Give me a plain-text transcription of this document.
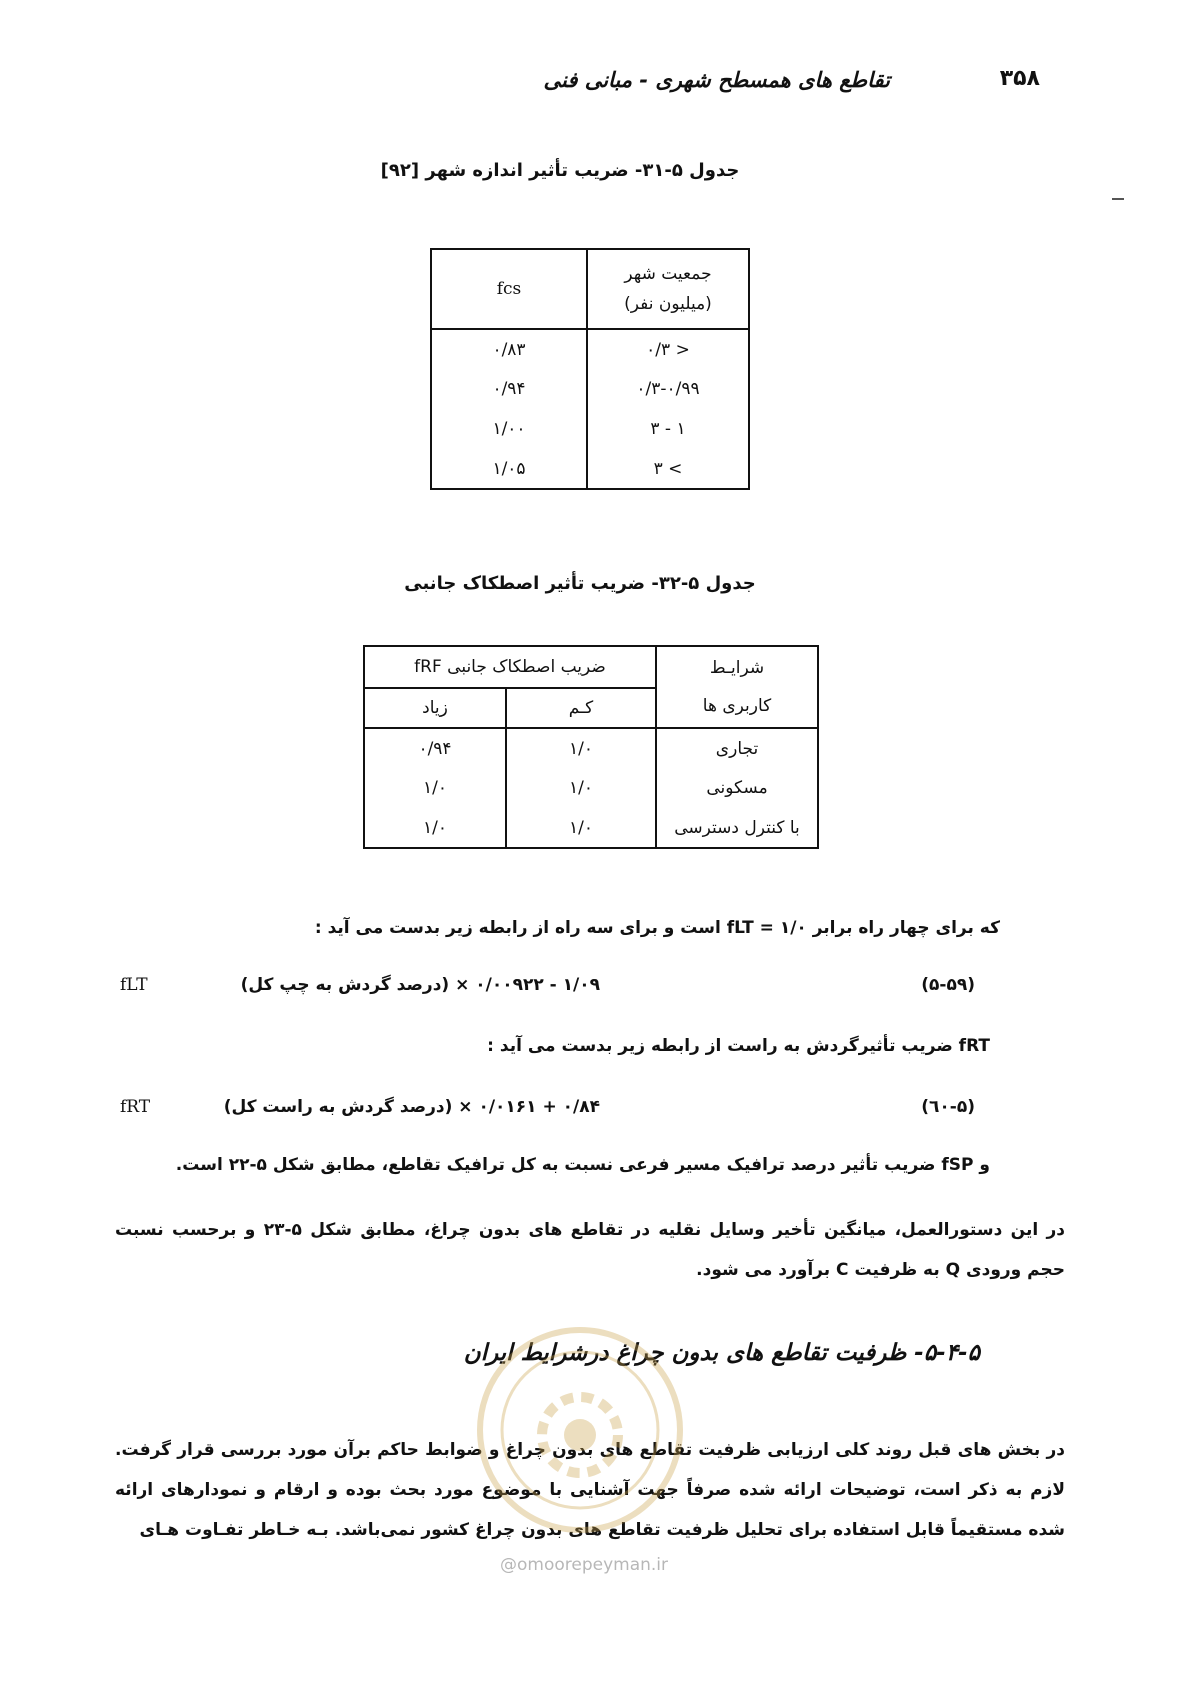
تقاطع های همسطح شهری - مبانی فنی	۳۵۸
جدول ۵-۳۱- ضریب تأثیر اندازه شهر [۹۲]
جمعیت شهر
(میلیون نفر)	fcs
< ۰/۳	۰/۸۳
۰/۳-۰/۹۹	۰/۹۴
۱ - ۳	۱/۰۰
> ۳	۱/۰۵
جدول ۵-۳۲- ضریب تأثیر اصطکاک جانبی
شرایـط
کاربری ها	ضریب اصطکاک جانبی fRF	
	کـم	زیاد
تجاری	۱/۰	۰/۹۴
مسکونی	۱/۰	۱/۰
با کنترل دسترسی	۱/۰	۱/۰
که برای چهار راه برابر fLT = ۱/۰ است و برای سه راه از رابطه زیر بدست می آید :
fLT	۱/۰۹ - ۰/۰۰۹۲۲ × (درصد گردش به چپ کل)	(۵-۵۹)
fRT ضریب تأثیرگردش به راست از رابطه زیر بدست می آید :
fRT	۰/۸۴ + ۰/۰۱۶۱ × (درصد گردش به راست کل)	(۵-٦۰)
و fSP ضریب تأثیر درصد ترافیک مسیر فرعی نسبت به کل ترافیک تقاطع، مطابق شکل ۵-۲۲ است.
در این دستورالعمل، میانگین تأخیر وسایل نقلیه در تقاطع های بدون چراغ، مطابق شکل ۵-۲۳ و برحسب نسبت حجم ورودی Q به ظرفیت C برآورد می شود.
۵-۴-۵- ظرفیت تقاطع های بدون چراغ درشرایط ایران
در بخش های قبل روند کلی ارزیابی ظرفیت تقاطع های بدون چراغ و ضوابط حاکم برآن مورد بررسی قرار گرفت. لازم به ذکر است، توضیحات ارائه شده صرفاً جهت آشنایی با موضوع مورد بحث بوده و ارقام و نمودارهای ارائه شده مستقیماً قابل استفاده برای تحلیل ظرفیت تقاطع های بدون چراغ کشور نمی‌باشد. بـه خـاطر تفـاوت هـای
@omoorepeyman.ir
